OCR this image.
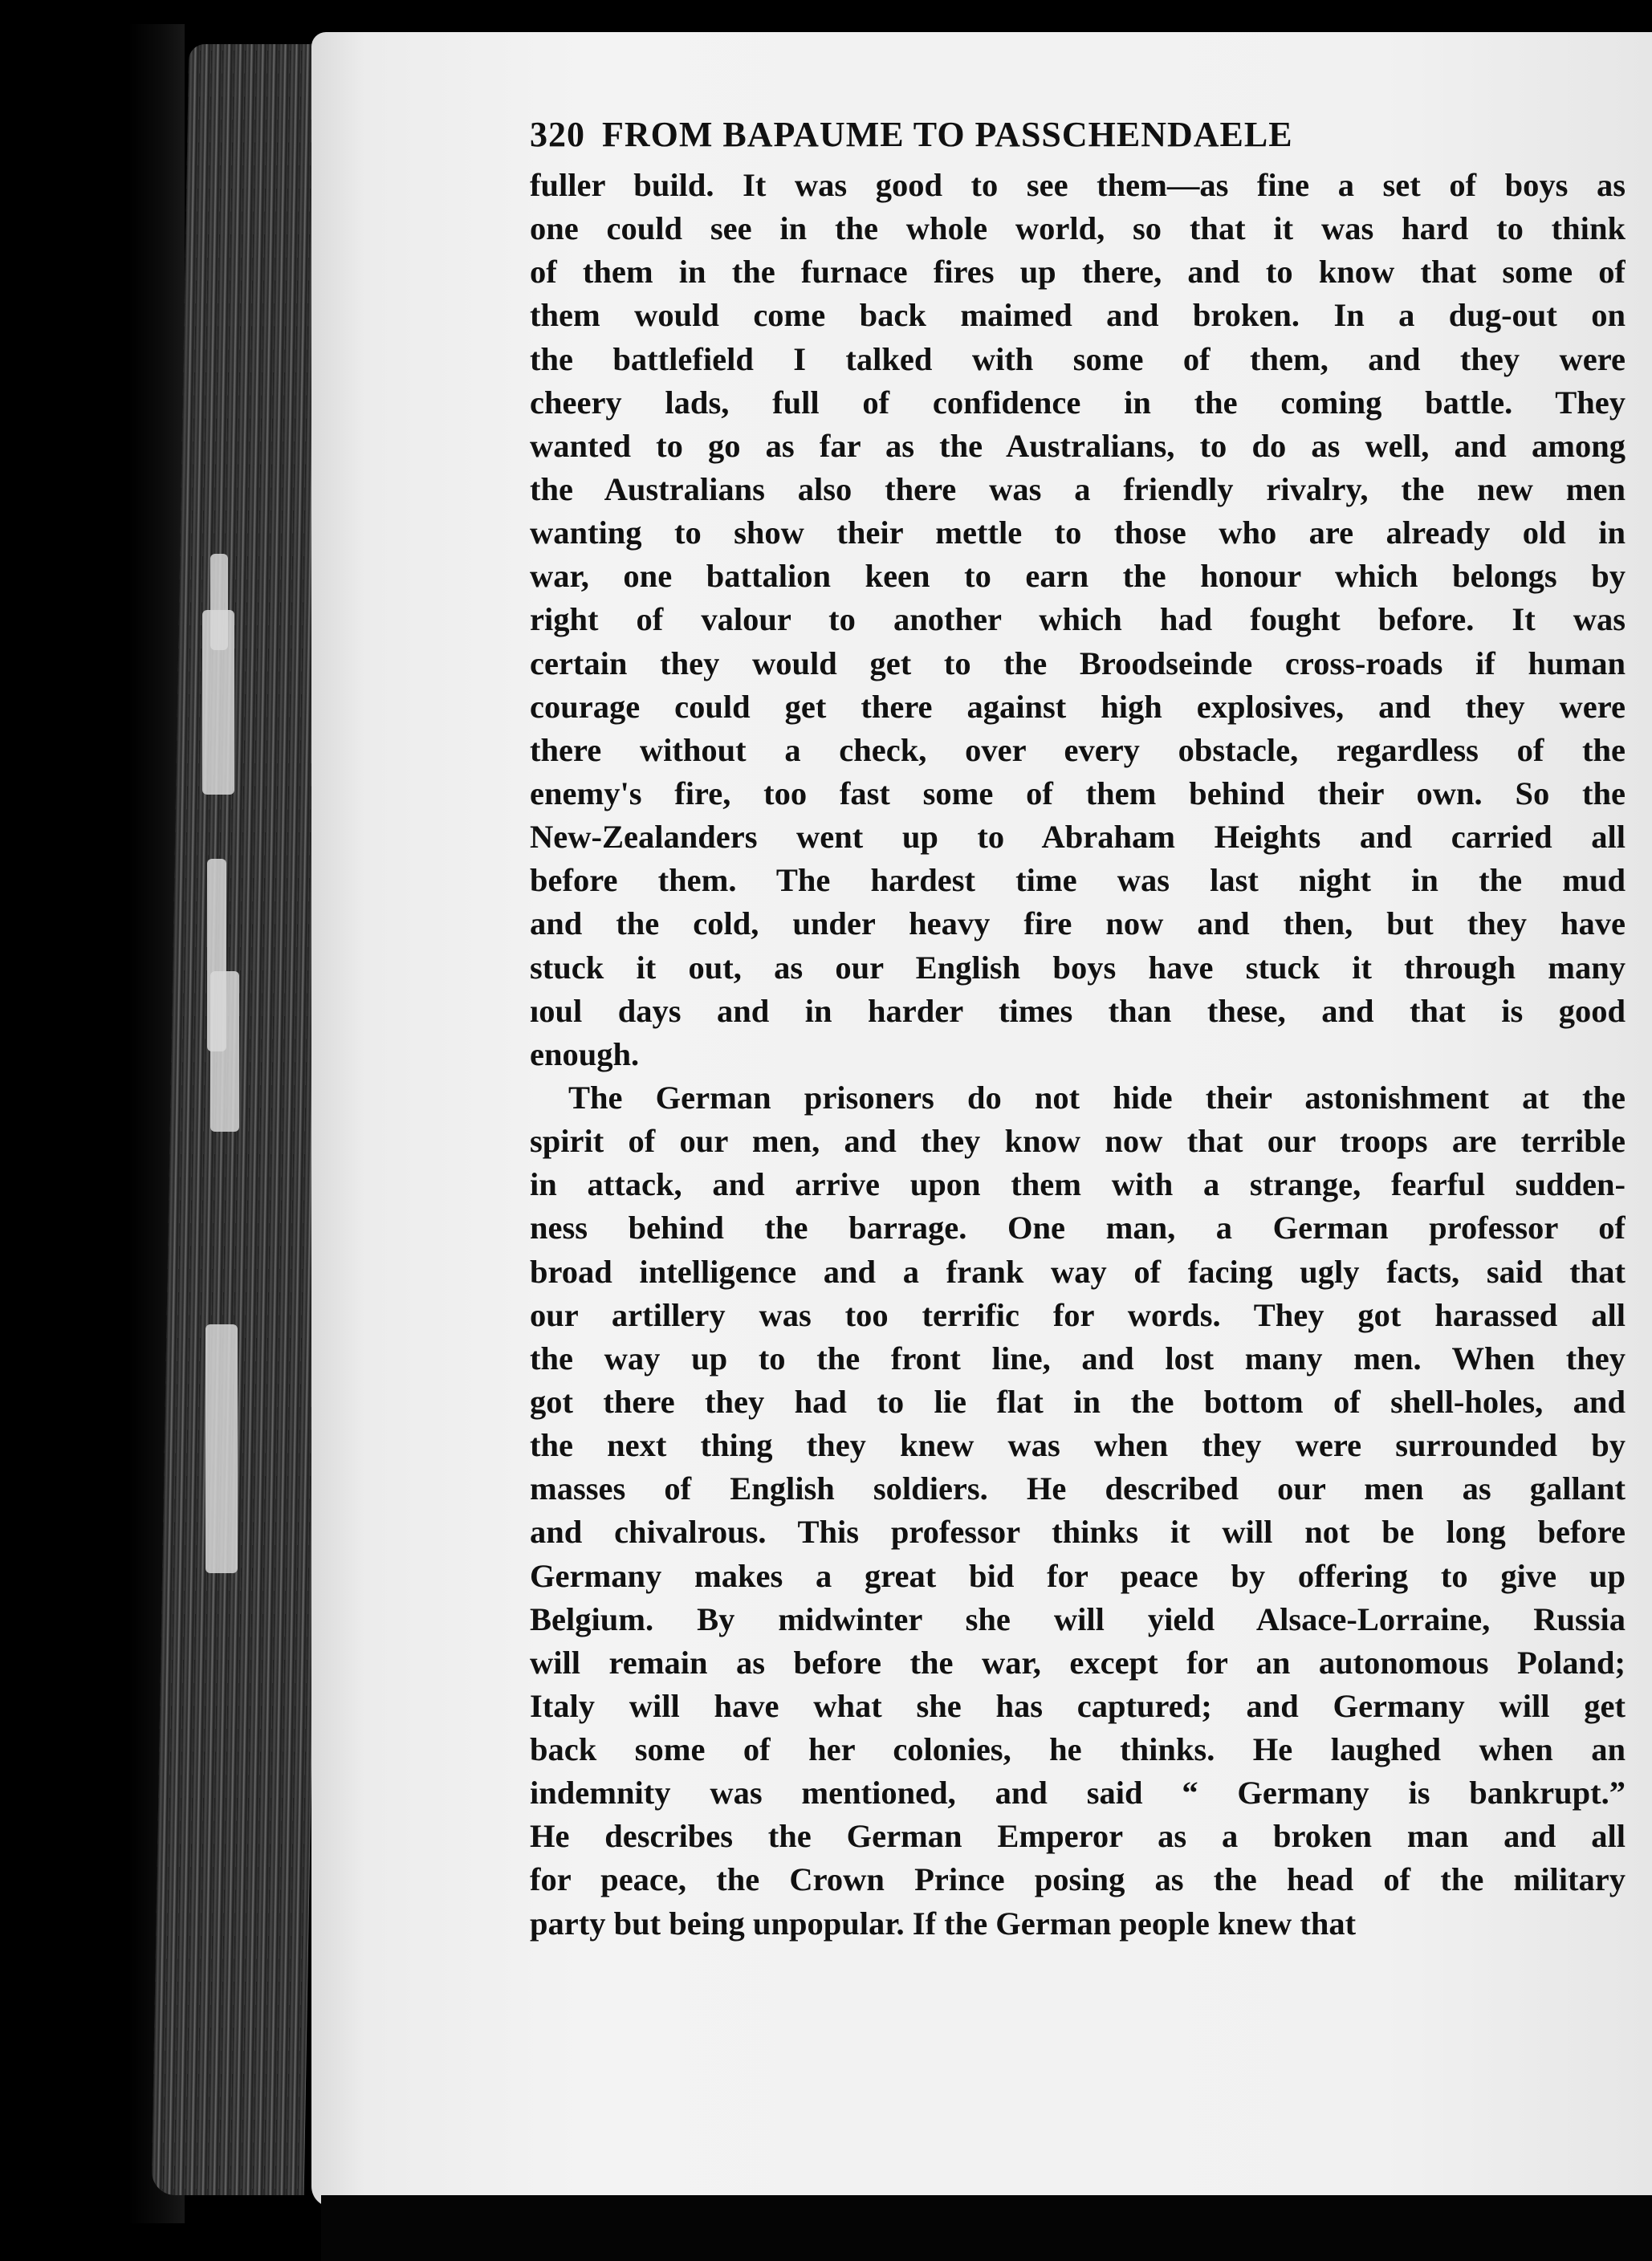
320 FROM BAPAUME TO PASSCHENDAELE
fuller build. It was good to see them—as fine a set of boys as
one could see in the whole world, so that it was hard to think
of them in the furnace fires up there, and to know that some of
them would come back maimed and broken. In a dug-out on
the battlefield I talked with some of them, and they were
cheery lads, full of confidence in the coming battle. They
wanted to go as far as the Australians, to do as well, and among
the Australians also there was a friendly rivalry, the new men
wanting to show their mettle to those who are already old in
war, one battalion keen to earn the honour which belongs by
right of valour to another which had fought before. It was
certain they would get to the Broodseinde cross-roads if human
courage could get there against high explosives, and they were
there without a check, over every obstacle, regardless of the
enemy's fire, too fast some of them behind their own. So the
New-Zealanders went up to Abraham Heights and carried all
before them. The hardest time was last night in the mud
and the cold, under heavy fire now and then, but they have
stuck it out, as our English boys have stuck it through many
ıoul days and in harder times than these, and that is good
enough.
The German prisoners do not hide their astonishment at the
spirit of our men, and they know now that our troops are terrible
in attack, and arrive upon them with a strange, fearful sudden-
ness behind the barrage. One man, a German professor of
broad intelligence and a frank way of facing ugly facts, said that
our artillery was too terrific for words. They got harassed all
the way up to the front line, and lost many men. When they
got there they had to lie flat in the bottom of shell-holes, and
the next thing they knew was when they were surrounded by
masses of English soldiers. He described our men as gallant
and chivalrous. This professor thinks it will not be long before
Germany makes a great bid for peace by offering to give up
Belgium. By midwinter she will yield Alsace-Lorraine, Russia
will remain as before the war, except for an autonomous Poland;
Italy will have what she has captured; and Germany will get
back some of her colonies, he thinks. He laughed when an
indemnity was mentioned, and said “ Germany is bankrupt.”
He describes the German Emperor as a broken man and all
for peace, the Crown Prince posing as the head of the military
party but being unpopular. If the German people knew that
